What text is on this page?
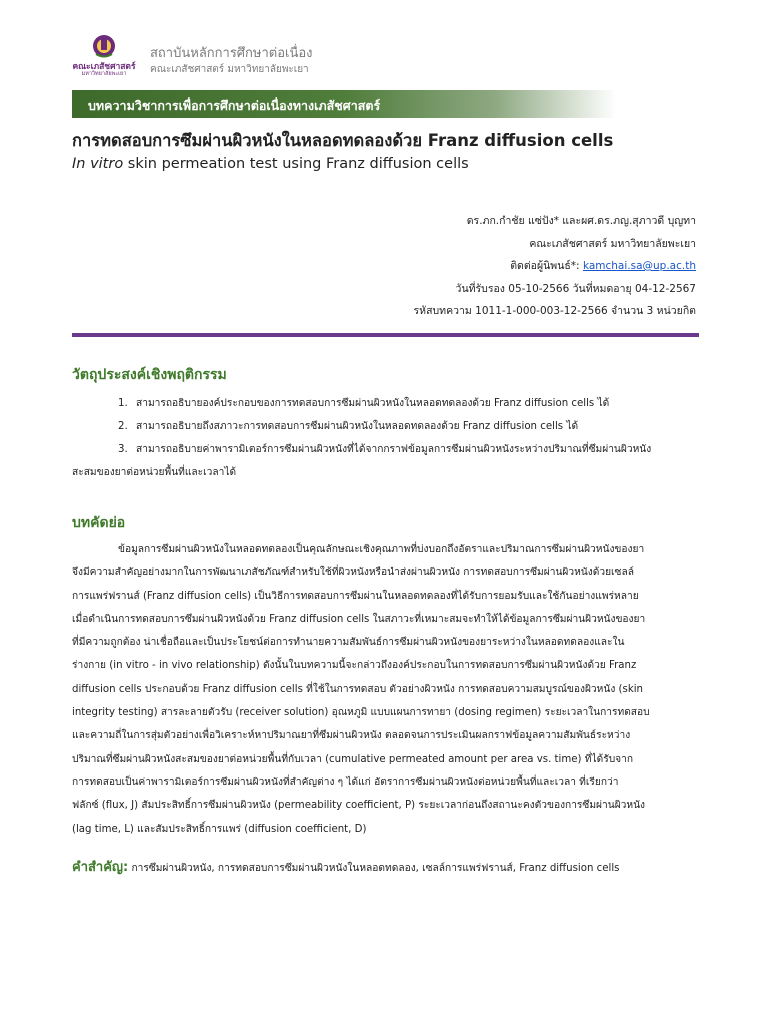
คณะเภสัชศาสตร์
มหาวิทยาลัยพะเยา
สถาบันหลักการศึกษาต่อเนื่อง
คณะเภสัชศาสตร์ มหาวิทยาลัยพะเยา
บทความวิชาการเพื่อการศึกษาต่อเนื่องทางเภสัชศาสตร์
การทดสอบการซึมผ่านผิวหนังในหลอดทดลองด้วย Franz diffusion cells
In vitro skin permeation test using Franz diffusion cells
ดร.ภก.กำชัย แซ่ปัง* และผศ.ดร.ภญ.สุภาวดี บุญทา
คณะเภสัชศาสตร์ มหาวิทยาลัยพะเยา
ติดต่อผู้นิพนธ์*: kamchai.sa@up.ac.th
วันที่รับรอง 05-10-2566 วันที่หมดอายุ 04-12-2567
รหัสบทความ 1011-1-000-003-12-2566 จำนวน 3 หน่วยกิต
วัตถุประสงค์เชิงพฤติกรรม
1. สามารถอธิบายองค์ประกอบของการทดสอบการซึมผ่านผิวหนังในหลอดทดลองด้วย Franz diffusion cells ได้
2. สามารถอธิบายถึงสภาวะการทดสอบการซึมผ่านผิวหนังในหลอดทดลองด้วย Franz diffusion cells ได้
3. สามารถอธิบายค่าพารามิเตอร์การซึมผ่านผิวหนังที่ได้จากกราฟข้อมูลการซึมผ่านผิวหนังระหว่างปริมาณที่ซึมผ่านผิวหนัง
สะสมของยาต่อหน่วยพื้นที่และเวลาได้
บทคัดย่อ
ข้อมูลการซึมผ่านผิวหนังในหลอดทดลองเป็นคุณลักษณะเชิงคุณภาพที่บ่งบอกถึงอัตราและปริมาณการซึมผ่านผิวหนังของยา
จึงมีความสำคัญอย่างมากในการพัฒนาเภสัชภัณฑ์สำหรับใช้ที่ผิวหนังหรือนำส่งผ่านผิวหนัง การทดสอบการซึมผ่านผิวหนังด้วยเซลล์
การแพร่ฟรานส์ (Franz diffusion cells) เป็นวิธีการทดสอบการซึมผ่านในหลอดทดลองที่ได้รับการยอมรับและใช้กันอย่างแพร่หลาย
เมื่อดำเนินการทดสอบการซึมผ่านผิวหนังด้วย Franz diffusion cells ในสภาวะที่เหมาะสมจะทำให้ได้ข้อมูลการซึมผ่านผิวหนังของยา
ที่มีความถูกต้อง น่าเชื่อถือและเป็นประโยชน์ต่อการทำนายความสัมพันธ์การซึมผ่านผิวหนังของยาระหว่างในหลอดทดลองและใน
ร่างกาย (in vitro - in vivo relationship) ดังนั้นในบทความนี้จะกล่าวถึงองค์ประกอบในการทดสอบการซึมผ่านผิวหนังด้วย Franz
diffusion cells ประกอบด้วย Franz diffusion cells ที่ใช้ในการทดสอบ ตัวอย่างผิวหนัง การทดสอบความสมบูรณ์ของผิวหนัง (skin
integrity testing) สารละลายตัวรับ (receiver solution) อุณหภูมิ แบบแผนการทายา (dosing regimen) ระยะเวลาในการทดสอบ
และความถี่ในการสุ่มตัวอย่างเพื่อวิเคราะห์หาปริมาณยาที่ซึมผ่านผิวหนัง ตลอดจนการประเมินผลกราฟข้อมูลความสัมพันธ์ระหว่าง
ปริมาณที่ซึมผ่านผิวหนังสะสมของยาต่อหน่วยพื้นที่กับเวลา (cumulative permeated amount per area vs. time) ที่ได้รับจาก
การทดสอบเป็นค่าพารามิเตอร์การซึมผ่านผิวหนังที่สำคัญต่าง ๆ ได้แก่ อัตราการซึมผ่านผิวหนังต่อหน่วยพื้นที่และเวลา ที่เรียกว่า
ฟลักซ์ (flux, J) สัมประสิทธิ์การซึมผ่านผิวหนัง (permeability coefficient, P) ระยะเวลาก่อนถึงสถานะคงตัวของการซึมผ่านผิวหนัง
(lag time, L) และสัมประสิทธิ์การแพร่ (diffusion coefficient, D)
คำสำคัญ: การซึมผ่านผิวหนัง, การทดสอบการซึมผ่านผิวหนังในหลอดทดลอง, เซลล์การแพร่ฟรานส์, Franz diffusion cells
